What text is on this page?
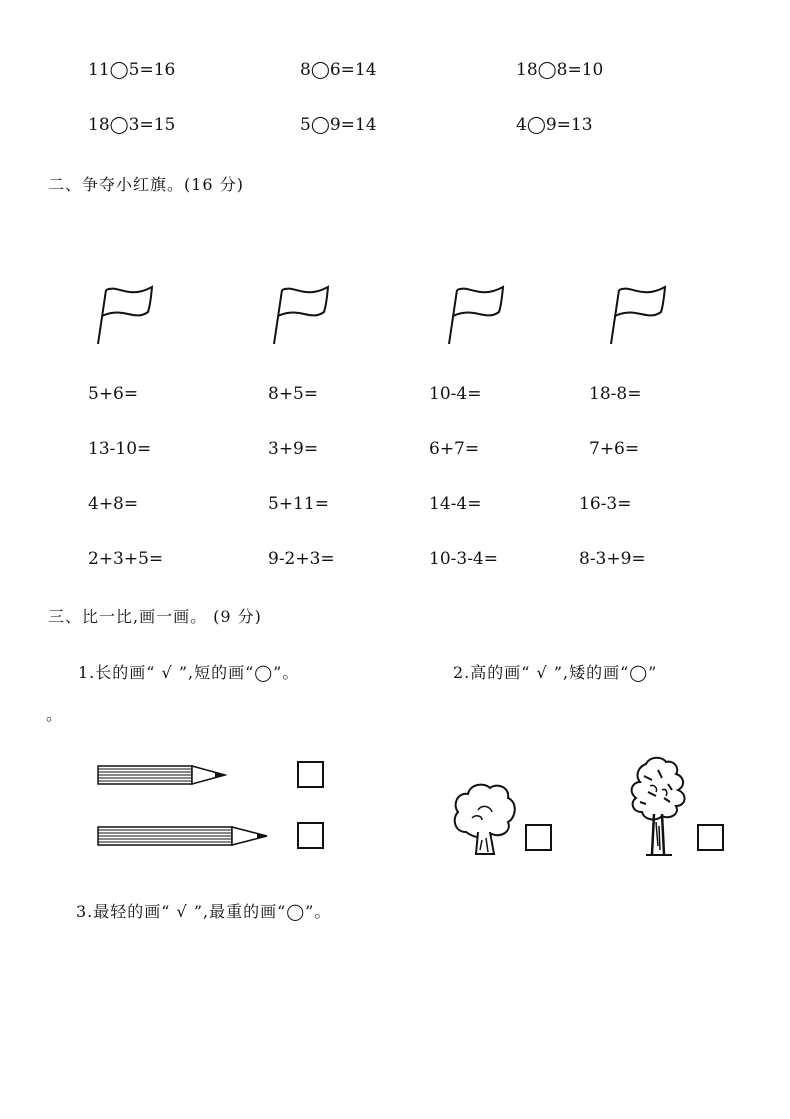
11◯5=16	8◯6=14	18◯8=10
18◯3=15	5◯9=14	4◯9=13
二、争夺小红旗。(16 分)
5+6=	8+5=	10-4=	18-8=
13-10=	3+9=	6+7=	7+6=
4+8=	5+11=	14-4=	16-3=
2+3+5=	9-2+3=	10-3-4=	8-3+9=
三、比一比,画一画。 (9 分)
1.长的画“ √ ”,短的画“◯”。	2.高的画“ √ ”,矮的画“◯”
。
3.最轻的画“ √ ”,最重的画“◯”。
